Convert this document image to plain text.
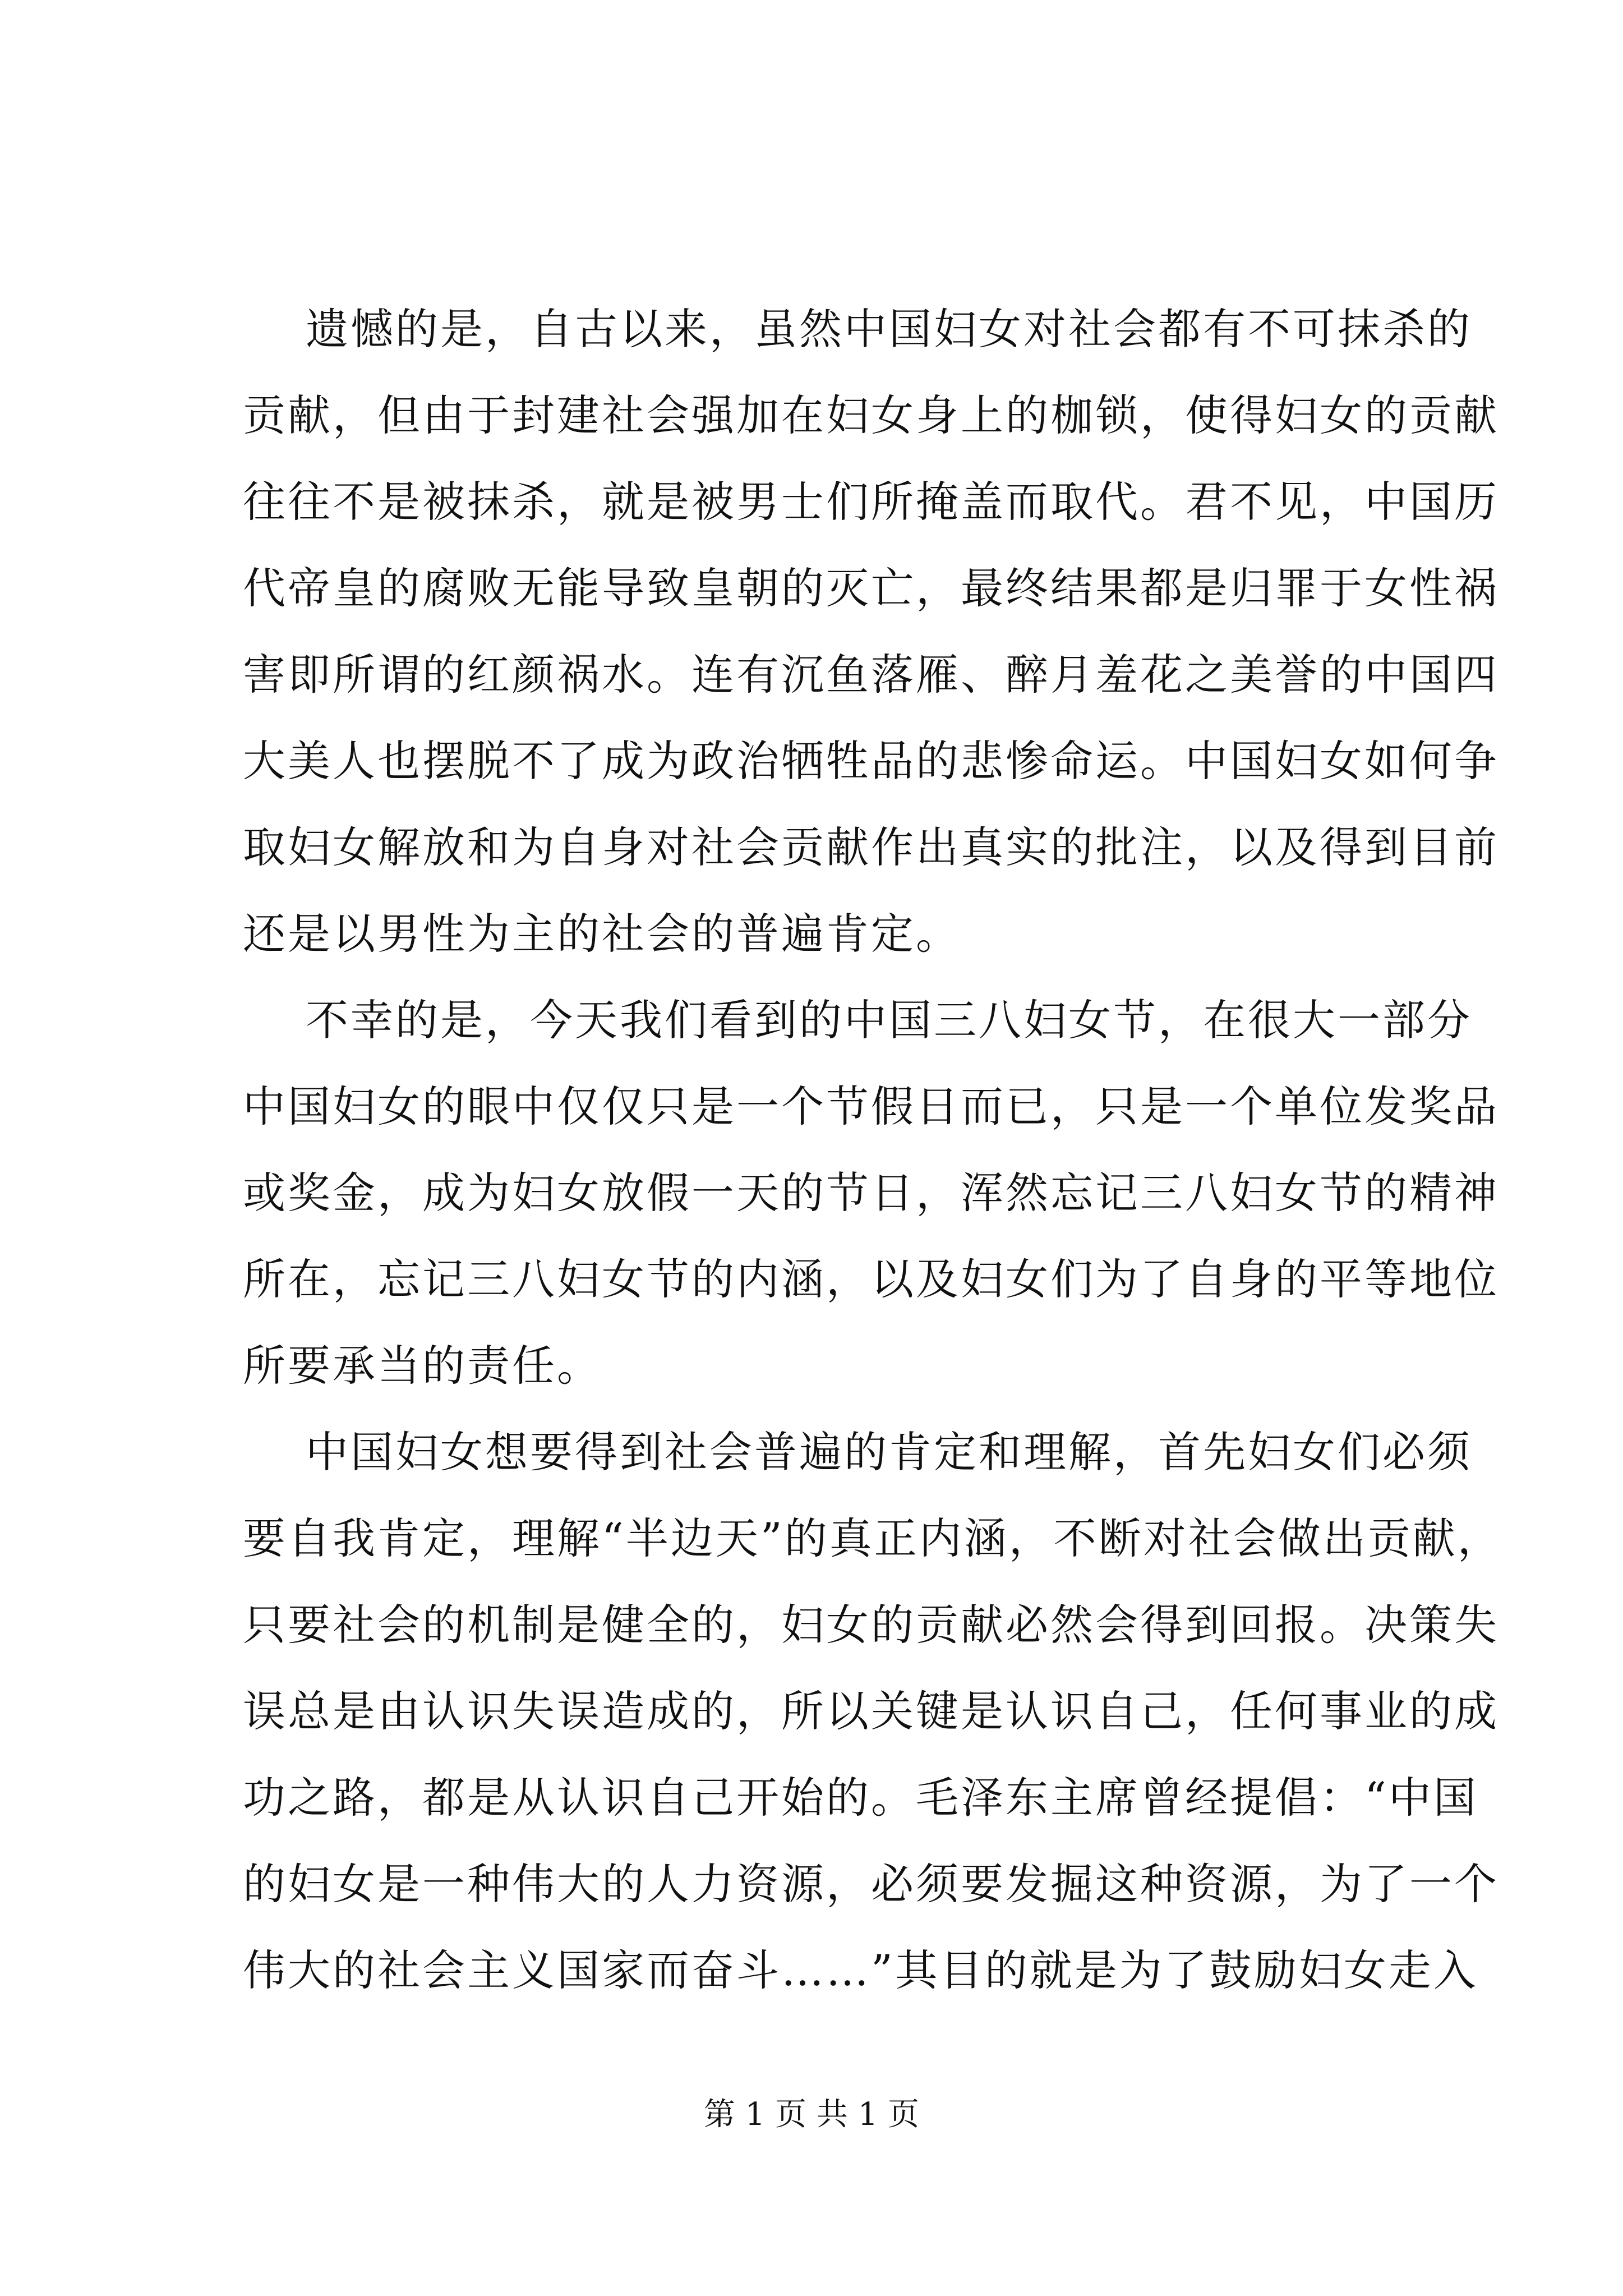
遗憾的是，自古以来，虽然中国妇女对社会都有不可抹杀的
贡献，但由于封建社会强加在妇女身上的枷锁，使得妇女的贡献
往往不是被抹杀，就是被男士们所掩盖而取代。君不见，中国历
代帝皇的腐败无能导致皇朝的灭亡，最终结果都是归罪于女性祸
害即所谓的红颜祸水。连有沉鱼落雁、醉月羞花之美誉的中国四
大美人也摆脱不了成为政治牺牲品的悲惨命运。中国妇女如何争
取妇女解放和为自身对社会贡献作出真实的批注，以及得到目前
还是以男性为主的社会的普遍肯定。
不幸的是，今天我们看到的中国三八妇女节，在很大一部分
中国妇女的眼中仅仅只是一个节假日而已，只是一个单位发奖品
或奖金，成为妇女放假一天的节日，浑然忘记三八妇女节的精神
所在，忘记三八妇女节的内涵，以及妇女们为了自身的平等地位
所要承当的责任。
中国妇女想要得到社会普遍的肯定和理解，首先妇女们必须
要自我肯定，理解“半边天”的真正内涵，不断对社会做出贡献，
只要社会的机制是健全的，妇女的贡献必然会得到回报。决策失
误总是由认识失误造成的，所以关键是认识自己，任何事业的成
功之路，都是从认识自己开始的。毛泽东主席曾经提倡：“中国
的妇女是一种伟大的人力资源，必须要发掘这种资源，为了一个
伟大的社会主义国家而奋斗……”其目的就是为了鼓励妇女走入
第 1 页 共 1 页
